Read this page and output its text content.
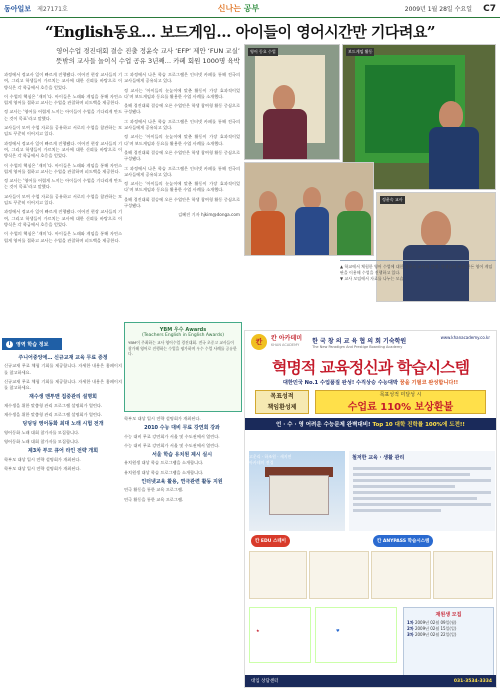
동아일보 제27171호	신나는 공부	2009년 1월 28일 수요일 C7
“English동요… 보드게임… 아이들이 영어시간만 기다려요”
영어수업 경진대회 결승 진출 정윤숙 교사 ‘EFP’ 제안 ‘FUN 교실’
뜻밖의 교사들 놀이식 수업 공유 3년째… 카페 회원 1000명 육박

과정에서 정교사 일이 빠르게 진행됐다. 이어진 현장 교사들의 기여, 그리고 학생들이 가르치는 교사에 대한 신뢰를 바탕으로 이 방식은 각 학급에서 호응을 얻었다.

이 수업의 핵심은 ‘재미’다. 아이들은 노래와 게임을 통해 자연스럽게 영어를 접하고 교사는 수업을 관찰하며 피드백을 제공한다.

정 교사는 ‘영어를 어렵게 느끼는 아이들이 수업을 기다리게 만드는 것이 목표’라고 말했다.

교사들이 모여 수업 자료를 공유하고 서로의 수업을 참관하는 모임도 꾸준히 이어지고 있다.

과정에서 정교사 일이 빠르게 진행됐다. 이어진 현장 교사들의 기여, 그리고 학생들이 가르치는 교사에 대한 신뢰를 바탕으로 이 방식은 각 학급에서 호응을 얻었다.

이 수업의 핵심은 ‘재미’다. 아이들은 노래와 게임을 통해 자연스럽게 영어를 접하고 교사는 수업을 관찰하며 피드백을 제공한다.

정 교사는 ‘영어를 어렵게 느끼는 아이들이 수업을 기다리게 만드는 것이 목표’라고 말했다.

교사들이 모여 수업 자료를 공유하고 서로의 수업을 참관하는 모임도 꾸준히 이어지고 있다.

과정에서 정교사 일이 빠르게 진행됐다. 이어진 현장 교사들의 기여, 그리고 학생들이 가르치는 교사에 대한 신뢰를 바탕으로 이 방식은 각 학급에서 호응을 얻었다.

이 수업의 핵심은 ‘재미’다. 아이들은 노래와 게임을 통해 자연스럽게 영어를 접하고 교사는 수업을 관찰하며 피드백을 제공한다.

그 과정에서 나온 학습 프로그램은 인터넷 카페를 통해 전국의 교사들에게 공유되고 있다.

정 교사는 ‘아이들의 눈높이에 맞춘 활동이 가장 효과적이었다’며 보드게임과 동요를 활용한 수업 사례를 소개했다.

올해 경진대회 결승에 오른 수업안은 학생 참여형 활동 중심으로 구성됐다.

그 과정에서 나온 학습 프로그램은 인터넷 카페를 통해 전국의 교사들에게 공유되고 있다.

정 교사는 ‘아이들의 눈높이에 맞춘 활동이 가장 효과적이었다’며 보드게임과 동요를 활용한 수업 사례를 소개했다.

올해 경진대회 결승에 오른 수업안은 학생 참여형 활동 중심으로 구성됐다.

그 과정에서 나온 학습 프로그램은 인터넷 카페를 통해 전국의 교사들에게 공유되고 있다.

정 교사는 ‘아이들의 눈높이에 맞춘 활동이 가장 효과적이었다’며 보드게임과 동요를 활용한 수업 사례를 소개했다.

올해 경진대회 결승에 오른 수업안은 학생 참여형 활동 중심으로 구성됐다.

김혜진 기자 hjkim@donga.com

영어 동요 수업	보드게임 활동
정윤숙 교사

▲ 학교에서 체험한 영어 수업에 대한 정윤숙 교사의 설명. 학생들이 직접 만든 영어 게임판을 이용해 수업을 진행하고 있다.

▼ 교사 모임에서 자료를 나누는 모습.

YBM 우수 Awards
(Teachers English in English Awards)
YBM이 주최하는 교사 영어수업 경진대회. 전국 초중고 교사들이 참가해 영어로 진행하는 수업을 평가하며 우수 수업 사례를 공유한다.
i	영역 학습 정보
주니어중앙에… 신규교재 교육 무료 증정

신규교재 무료 체험 기회를 제공합니다. 자세한 내용은 홈페이지를 참고하세요.

신규교재 무료 체험 기회를 제공합니다. 자세한 내용은 홈페이지를 참고하세요.

재수생 맨투맨 집중관리 설명회

재수생을 위한 맞춤형 관리 프로그램 설명회가 열린다.

재수생을 위한 맞춤형 관리 프로그램 설명회가 열린다.

딩딩딩 영어동화 최대 노래 시험 전개

영어동화 노래 대회 참가자를 모집합니다.

영어동화 노래 대회 참가자를 모집합니다.

제3차 부모 큐어 라인 전략 개회

학부모 대상 입시 전략 설명회가 개최된다.

학부모 대상 입시 전략 설명회가 개최된다.

학부모 대상 입시 전략 설명회가 개최된다.

2010 수능 대비 무료 강연회 강좌

수능 대비 무료 강연회가 서울 및 수도권에서 열린다.

수능 대비 무료 강연회가 서울 및 수도권에서 열린다.

서울 학습 유치원 제시 실시

유치원생 대상 학습 프로그램을 소개합니다.

유치원생 대상 학습 프로그램을 소개합니다.

인터넷교육 활용, 연극관련 활동 지원

연극 활동을 통한 교육 프로그램.

연극 활동을 통한 교육 프로그램.

칸	칸 아카데미
KHAN ACADEMY
한 국 창 의 교 육 협 의 회 기숙학원
The New Paradigm And Prestige Boarding Academy
www.khanacademy.co.kr
혁명적 교육정신과 학습시스템
대한민국 No.1 수업품질 완성! 수직상승 수능대박 꿈을 기필코 완성합니다!!
목표성적
책임환성제
목표성적 미달성 시
수업료 110% 보상환불
언 · 수 · 영 어려운 수능문제 완벽대비!
Top 10 대학 진학률 100%에 도전!!
고운리 · 하조원 · 새지연
아카데미 전경
철저한 교육 · 생활 관리
칸 EDU 스테이	칸 ANYPASS 학습시스템
★	♥
재원생 모집
1차 2009년 02월 09일(월)
2차 2009년 02월 15일(일)
3차 2009년 02월 22일(일)
대입 상담센터	031-3534-3334
